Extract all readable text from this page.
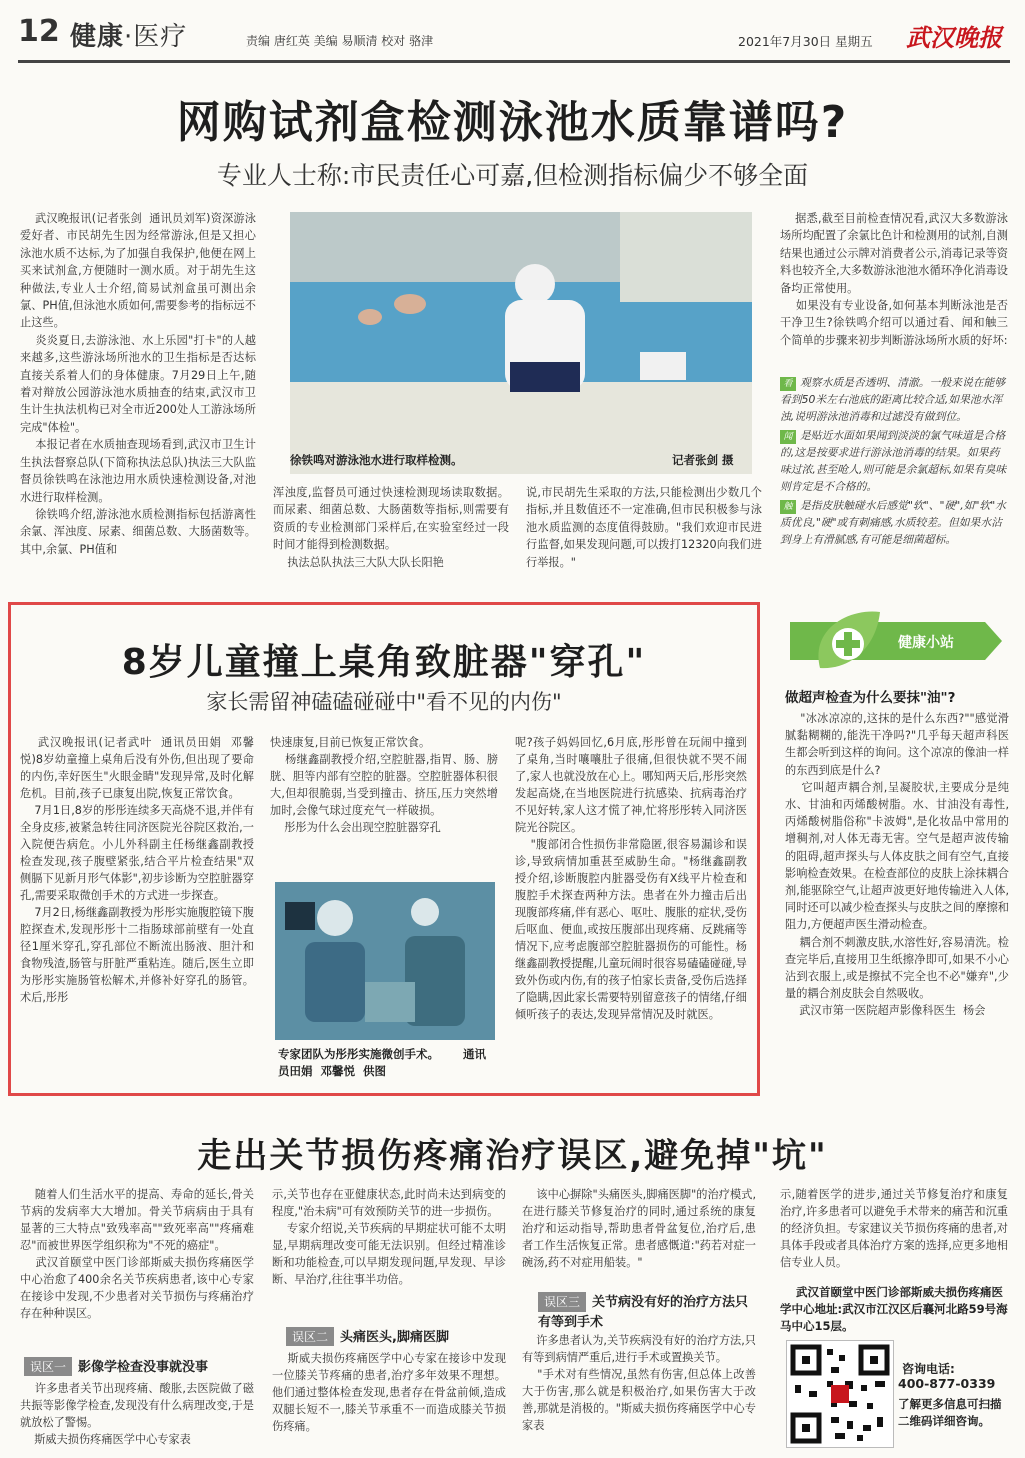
12 健康·医疗	责编 唐红英 美编 易顺清 校对 骆津	2021年7月30日 星期五 武汉晚报
网购试剂盒检测泳池水质靠谱吗?
专业人士称:市民责任心可嘉,但检测指标偏少不够全面
武汉晚报讯(记者张剑  通讯员刘军)资深游泳爱好者、市民胡先生因为经常游泳,但是又担心泳池水质不达标,为了加强自我保护,他便在网上买来试剂盒,方便随时一测水质。对于胡先生这种做法,专业人士介绍,简易试剂盒虽可测出余氯、PH值,但泳池水质如何,需要参考的指标远不止这些。
炎炎夏日,去游泳池、水上乐园"打卡"的人越来越多,这些游泳场所池水的卫生指标是否达标直接关系着人们的身体健康。7月29日上午,随着对辩放公园游泳池水质抽查的结束,武汉市卫生计生执法机构已对全市近200处人工游泳场所完成"体检"。
本报记者在水质抽查现场看到,武汉市卫生计生执法督察总队(下简称执法总队)执法三大队监督员徐铁鸣在泳池边用水质快速检测设备,对池水进行取样检测。
徐铁鸣介绍,游泳池水质检测指标包括游离性余氯、浑浊度、尿素、细菌总数、大肠菌数等。其中,余氯、PH值和
徐铁鸣对游泳池水进行取样检测。	记者张剑 摄
浑浊度,监督员可通过快速检测现场读取数据。而尿素、细菌总数、大肠菌数等指标,则需要有资质的专业检测部门采样后,在实验室经过一段时间才能得到检测数据。
执法总队执法三大队大队长阳艳
说,市民胡先生采取的方法,只能检测出少数几个指标,并且数值还不一定准确,但市民积极参与泳池水质监测的态度值得鼓励。"我们欢迎市民进行监督,如果发现问题,可以拨打12320向我们进行举报。"
据悉,截至目前检查情况看,武汉大多数游泳场所均配置了余氯比色计和检测用的试剂,自测结果也通过公示牌对消费者公示,消毒记录等资料也较齐全,大多数游泳池池水循环净化消毒设备均正常使用。
如果没有专业设备,如何基本判断泳池是否干净卫生?徐铁鸣介绍可以通过看、闻和触三个简单的步骤来初步判断游泳场所水质的好坏:
看 观察水质是否透明、清澈。一般来说在能够看到50米左右池底的距离比较合适,如果池水浑浊,说明游泳池消毒和过滤没有做到位。
闻 是贴近水面如果闻到淡淡的氯气味道是合格的,这是按要求进行游泳池消毒的结果。如果药味过浓,甚至呛人,则可能是余氯超标,如果有臭味则肯定是不合格的。
触 是指皮肤触碰水后感觉"软"、"硬",如"软"水质优良,"硬"或有刺痛感,水质较差。但如果水沾到身上有滑腻感,有可能是细菌超标。
8岁儿童撞上桌角致脏器"穿孔"
家长需留神磕磕碰碰中"看不见的内伤"
武汉晚报讯(记者武叶  通讯员田娟  邓馨悦)8岁幼童撞上桌角后没有外伤,但出现了要命的内伤,幸好医生"火眼金睛"发现异常,及时化解危机。目前,孩子已康复出院,恢复正常饮食。
7月1日,8岁的彤彤连续多天高烧不退,并伴有全身皮疹,被紧急转往同济医院光谷院区救治,一入院便告病危。小儿外科副主任杨继鑫副教授检查发现,孩子腹壁紧张,结合平片检查结果"双侧膈下见新月形气体影",初步诊断为空腔脏器穿孔,需要采取微创手术的方式进一步探查。
7月2日,杨继鑫副教授为彤彤实施腹腔镜下腹腔探查术,发现彤彤十二指肠球部前壁有一处直径1厘米穿孔,穿孔部位不断流出肠液、胆汁和食物残渣,肠管与肝脏严重粘连。随后,医生立即为彤彤实施肠管松解术,并修补好穿孔的肠管。术后,彤彤
快速康复,目前已恢复正常饮食。
杨继鑫副教授介绍,空腔脏器,指胃、肠、膀胱、胆等内部有空腔的脏器。空腔脏器体积很大,但却很脆弱,当受到撞击、挤压,压力突然增加时,会像气球过度充气一样破损。
彤彤为什么会出现空腔脏器穿孔
专家团队为彤彤实施微创手术。      通讯员田娟  邓馨悦  供图
呢?孩子妈妈回忆,6月底,彤彤曾在玩闹中撞到了桌角,当时嚷嚷肚子很痛,但很快就不哭不闹了,家人也就没放在心上。哪知两天后,彤彤突然发起高烧,在当地医院进行抗感染、抗病毒治疗不见好转,家人这才慌了神,忙将彤彤转入同济医院光谷院区。
"腹部闭合性损伤非常隐匿,很容易漏诊和误诊,导致病情加重甚至威胁生命。"杨继鑫副教授介绍,诊断腹腔内脏器受伤有X线平片检查和腹腔手术探查两种方法。患者在外力撞击后出现腹部疼痛,伴有恶心、呕吐、腹胀的症状,受伤后呕血、便血,或按压腹部出现疼痛、反跳痛等情况下,应考虑腹部空腔脏器损伤的可能性。杨继鑫副教授提醒,儿童玩闹时很容易磕磕碰碰,导致外伤或内伤,有的孩子怕家长责备,受伤后选择了隐瞒,因此家长需要特别留意孩子的情绪,仔细倾听孩子的表达,发现异常情况及时就医。
健康小站
做超声检查为什么要抹"油"?
"冰冰凉凉的,这抹的是什么东西?""感觉滑腻黏糊糊的,能洗干净吗?"几乎每天超声科医生都会听到这样的询问。这个凉凉的像油一样的东西到底是什么?
它叫超声耦合剂,呈凝胶状,主要成分是纯水、甘油和丙烯酸树脂。水、甘油没有毒性,丙烯酸树脂俗称"卡波姆",是化妆品中常用的增稠剂,对人体无毒无害。空气是超声波传输的阻碍,超声探头与人体皮肤之间有空气,直接影响检查效果。在检查部位的皮肤上涂抹耦合剂,能驱除空气,让超声波更好地传输进入人体,同时还可以减少检查探头与皮肤之间的摩擦和阻力,方便超声医生滑动检查。
耦合剂不刺激皮肤,水溶性好,容易清洗。检查完毕后,直接用卫生纸擦净即可,如果不小心沾到衣服上,或是擦拭不完全也不必"嫌弃",少量的耦合剂皮肤会自然吸收。
武汉市第一医院超声影像科医生  杨会
走出关节损伤疼痛治疗误区,避免掉"坑"
随着人们生活水平的提高、寿命的延长,骨关节病的发病率大大增加。骨关节病病由于具有显著的三大特点"致残率高""致死率高""疼痛难忍"而被世界医学组织称为"不死的癌症"。
武汉首颐堂中医门诊部斯威夫损伤疼痛医学中心治愈了400余名关节疾病患者,该中心专家在接诊中发现,不少患者对关节损伤与疼痛治疗存在种种误区。
误区一 影像学检查没事就没事
许多患者关节出现疼痛、酸胀,去医院做了磁共振等影像学检查,发现没有什么病理改变,于是就放松了警惕。
斯威夫损伤疼痛医学中心专家表
示,关节也存在亚健康状态,此时尚未达到病变的程度,"治未病"可有效预防关节的进一步损伤。
专家介绍说,关节疾病的早期症状可能不太明显,早期病理改变可能无法识别。但经过精准诊断和功能检查,可以早期发现问题,早发现、早诊断、早治疗,往往事半功倍。
误区二 头痛医头,脚痛医脚
斯威夫损伤疼痛医学中心专家在接诊中发现一位膝关节疼痛的患者,治疗多年效果不理想。他们通过整体检查发现,患者存在骨盆前倾,造成双腿长短不一,膝关节承重不一而造成膝关节损伤疼痛。
该中心摒除"头痛医头,脚痛医脚"的治疗模式,在进行膝关节修复治疗的同时,通过系统的康复治疗和运动指导,帮助患者骨盆复位,治疗后,患者工作生活恢复正常。患者感慨道:"药若对症一碗汤,药不对症用船装。"
误区三 关节病没有好的治疗方法只有等到手术
许多患者认为,关节疾病没有好的治疗方法,只有等到病情严重后,进行手术或置换关节。
"手术对有些情况,虽然有伤害,但总体上改善大于伤害,那么就是积极治疗,如果伤害大于改善,那就是消极的。"斯威夫损伤疼痛医学中心专家表
示,随着医学的进步,通过关节修复治疗和康复治疗,许多患者可以避免手术带来的痛苦和沉重的经济负担。专家建议关节损伤疼痛的患者,对具体手段或者具体治疗方案的选择,应更多地相信专业人员。
武汉首颐堂中医门诊部斯威夫损伤疼痛医学中心地址:武汉市江汉区后襄河北路59号海马中心15层。
咨询电话:
400-877-0339
了解更多信息可扫描二维码详细咨询。
